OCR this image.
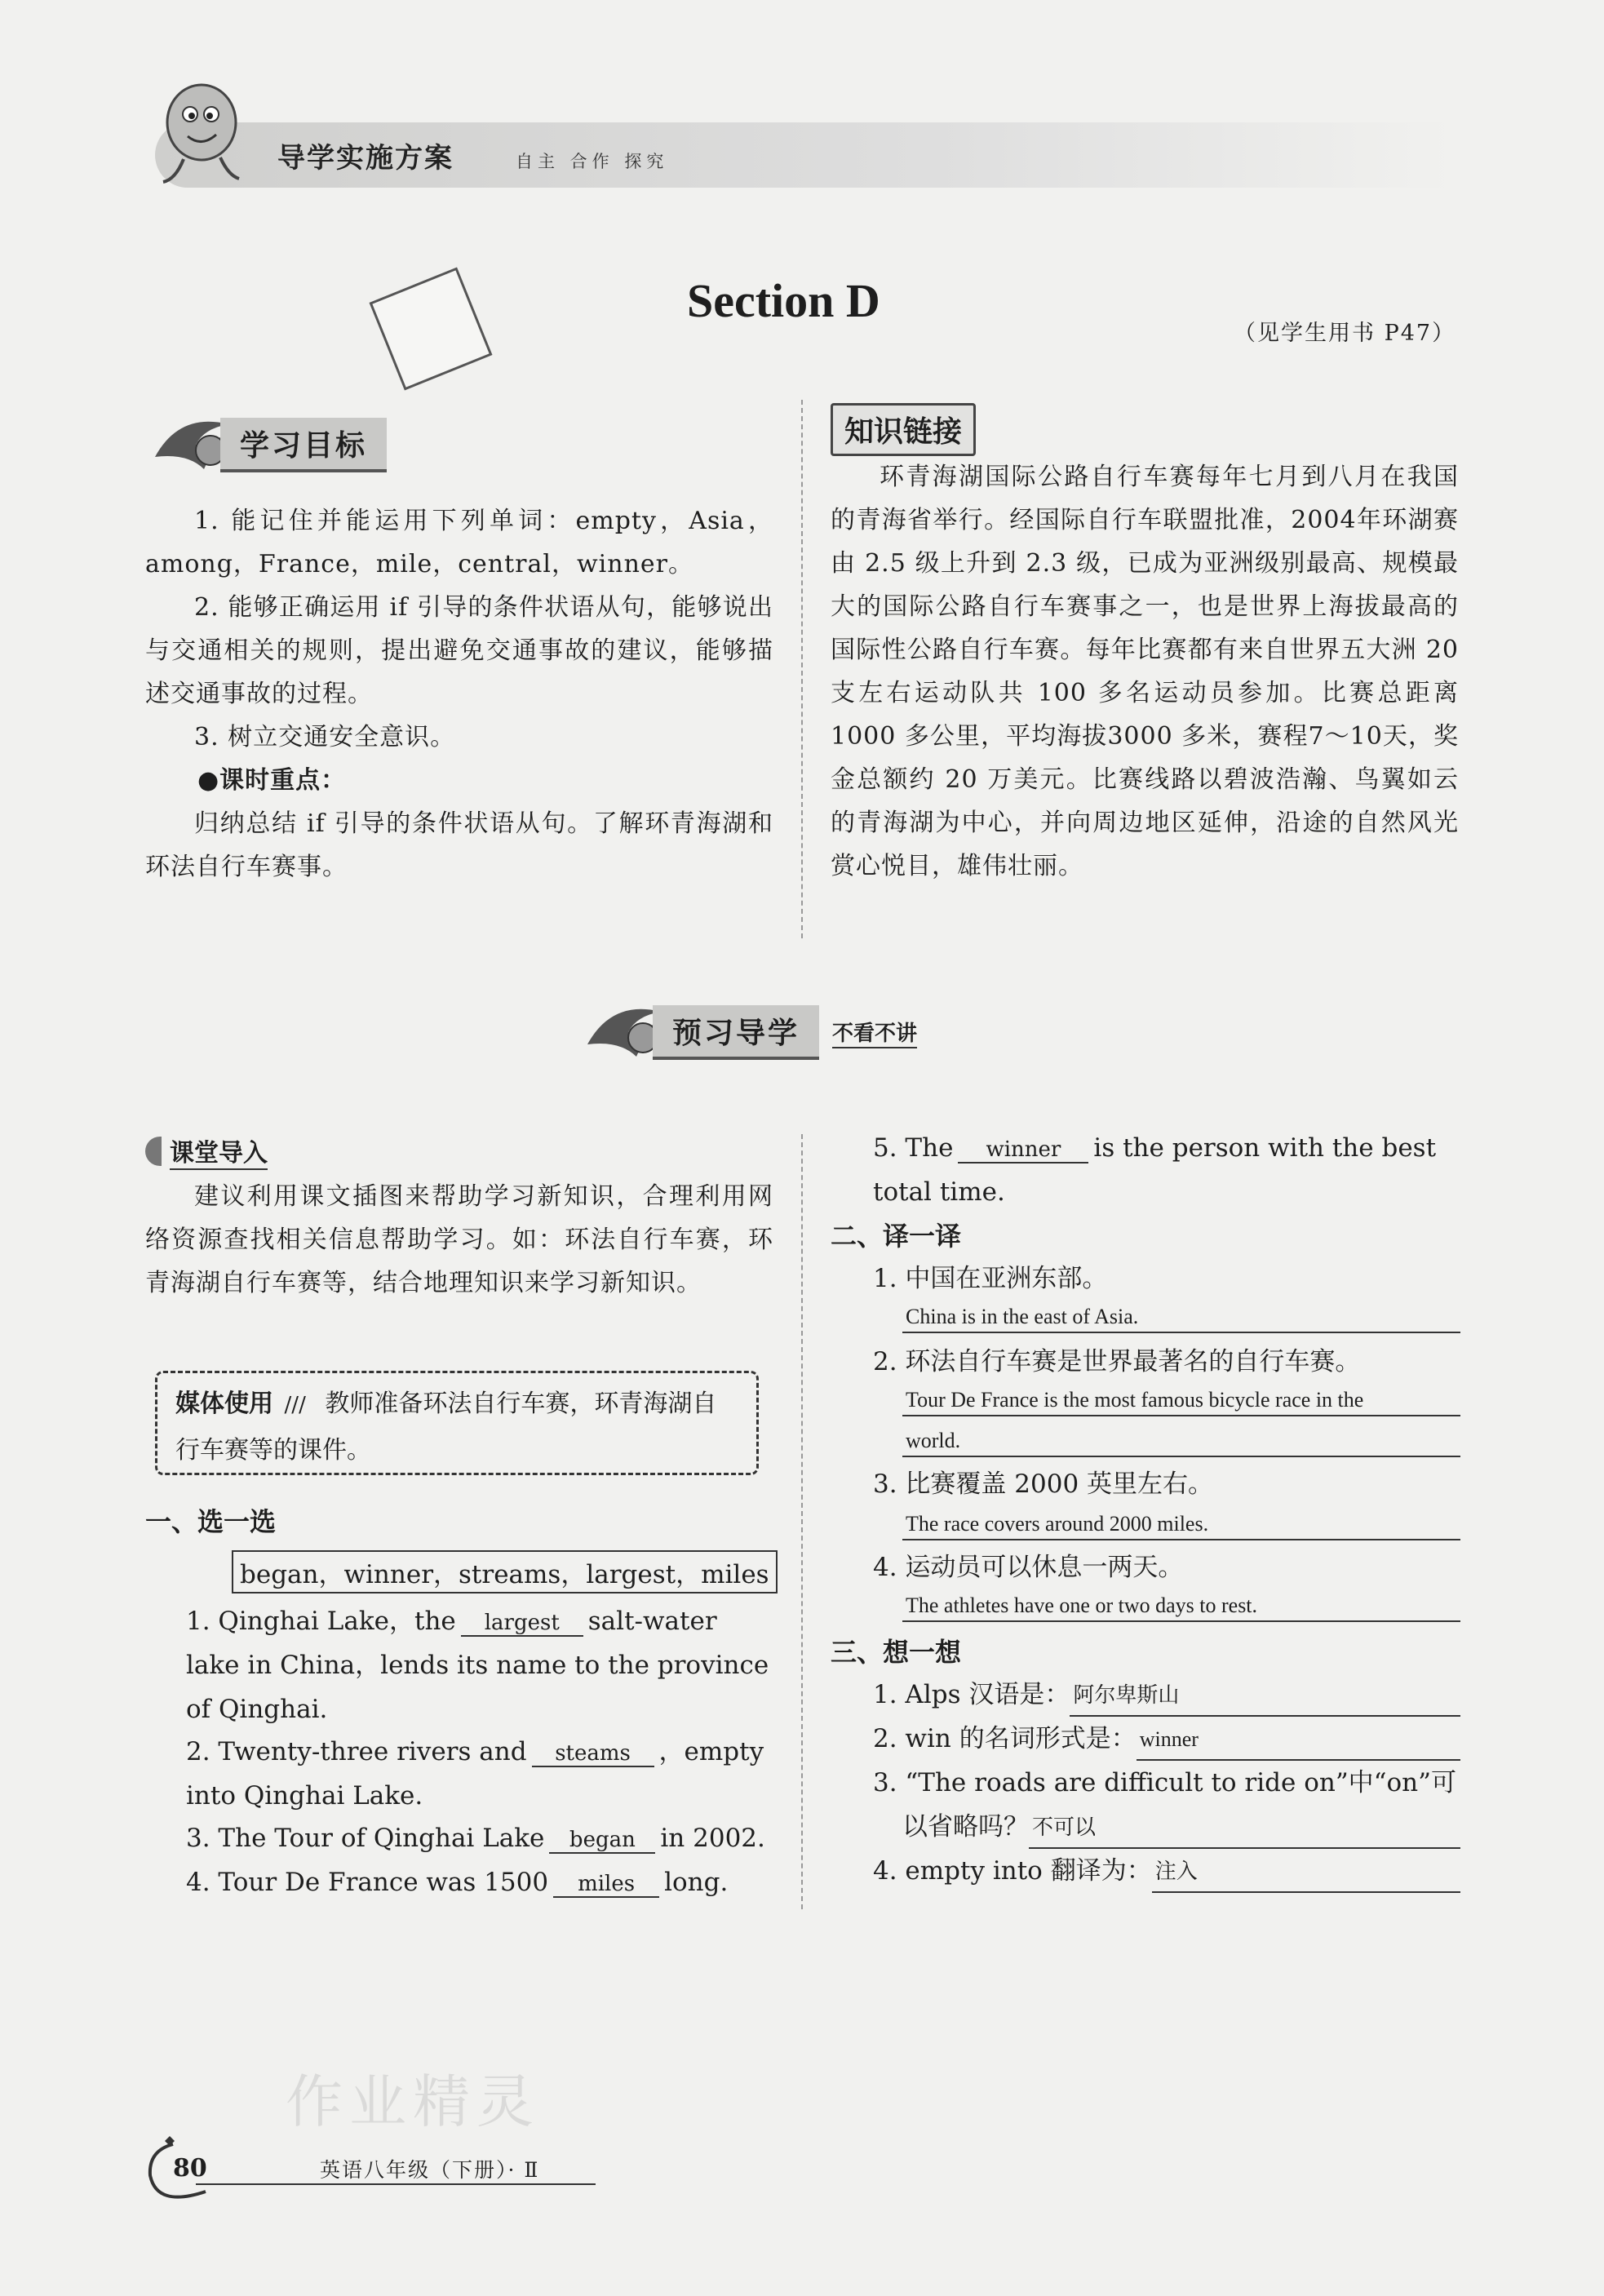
导学实施方案	自主 合作 探究
Section D
（见学生用书 P47）
学习目标

1. 能记住并能运用下列单词：empty，Asia，among，France，mile，central，winner。

2. 能够正确运用 if 引导的条件状语从句，能够说出与交通相关的规则，提出避免交通事故的建议，能够描述交通事故的过程。

3. 树立交通安全意识。

●课时重点：

归纳总结 if 引导的条件状语从句。了解环青海湖和环法自行车赛事。

知识链接
环青海湖国际公路自行车赛每年七月到八月在我国的青海省举行。经国际自行车联盟批准，2004年环湖赛由 2.5 级上升到 2.3 级，已成为亚洲级别最高、规模最大的国际公路自行车赛事之一，也是世界上海拔最高的国际性公路自行车赛。每年比赛都有来自世界五大洲 20 支左右运动队共 100 多名运动员参加。比赛总距离 1000 多公里，平均海拔3000 多米，赛程7～10天，奖金总额约 20 万美元。比赛线路以碧波浩瀚、鸟翼如云的青海湖为中心，并向周边地区延伸，沿途的自然风光赏心悦目，雄伟壮丽。
预习导学	不看不讲
课堂导入
建议利用课文插图来帮助学习新知识，合理利用网络资源查找相关信息帮助学习。如：环法自行车赛，环青海湖自行车赛等，结合地理知识来学习新知识。
媒体使用 /// 教师准备环法自行车赛，环青海湖自行车赛等的课件。
一、选一选
began，winner，streams，largest，miles
1. Qinghai Lake，the largest salt-water lake in China，lends its name to the province of Qinghai.
2. Twenty-three rivers and steams ，empty into Qinghai Lake.
3. The Tour of Qinghai Lake began in 2002.
4. Tour De France was 1500 miles long.
5. The winner is the person with the best total time.
二、译一译
1. 中国在亚洲东部。
China is in the east of Asia.
2. 环法自行车赛是世界最著名的自行车赛。
Tour De France is the most famous bicycle race in the
world.
3. 比赛覆盖 2000 英里左右。
The race covers around 2000 miles.
4. 运动员可以休息一两天。
The athletes have one or two days to rest.
三、想一想
1. Alps 汉语是： 阿尔卑斯山
2. win 的名词形式是： winner
3. “The roads are difficult to ride on”中“on”可
以省略吗？ 不可以
4. empty into 翻译为： 注入
作业精灵
80	英语八年级（下册）· Ⅱ
